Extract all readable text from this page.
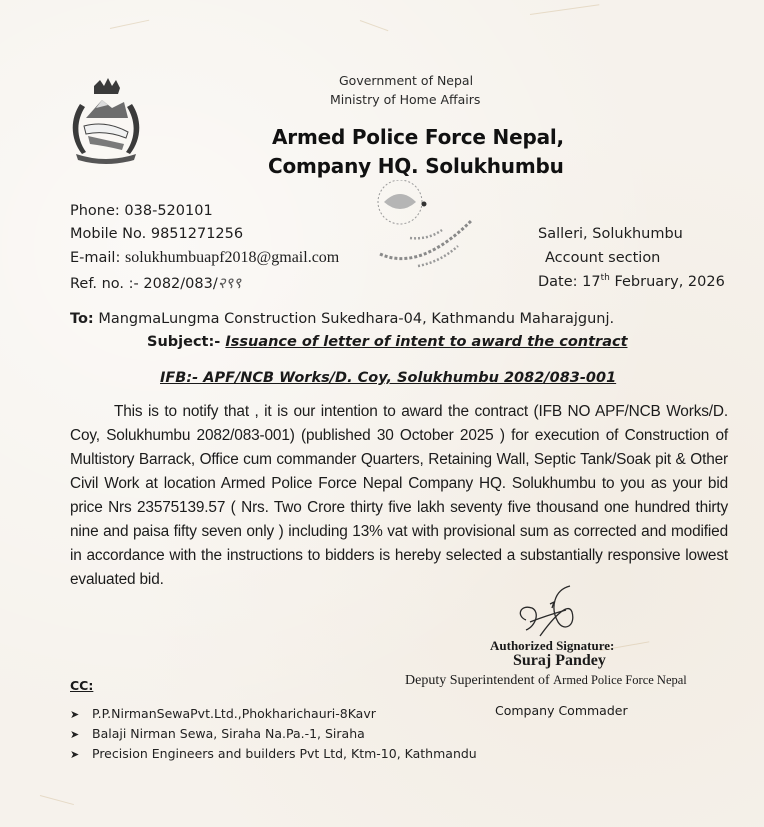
Government of Nepal
Ministry of Home Affairs
Armed Police Force Nepal,
Company HQ. Solukhumbu
Phone: 038-520101
Mobile No. 9851271256
E-mail: solukhumbuapf2018@gmail.com
Ref. no. :- 2082/083/२९९
Salleri, Solukhumbu
Account section
Date: 17th February, 2026
To: MangmaLungma Construction Sukedhara-04, Kathmandu Maharajgunj.
Subject:- Issuance of letter of intent to award the contract
IFB:- APF/NCB Works/D. Coy, Solukhumbu 2082/083-001
This is to notify that , it is our intention to award the contract (IFB NO APF/NCB Works/D. Coy, Solukhumbu 2082/083-001) (published 30 October 2025 ) for execution of Construction of Multistory Barrack, Office cum commander Quarters, Retaining Wall, Septic Tank/Soak pit & Other Civil Work at location Armed Police Force Nepal Company HQ. Solukhumbu to you as your bid price Nrs 23575139.57 ( Nrs. Two Crore thirty five lakh seventy five thousand one hundred thirty nine and paisa fifty seven only ) including 13% vat with provisional sum as corrected and modified in accordance with the instructions to bidders is hereby selected a substantially responsive lowest evaluated bid.
Authorized Signature:
Suraj Pandey
Deputy Superintendent of Armed Police Force Nepal
Company Commader
CC:
➤ P.P.NirmanSewaPvt.Ltd.,Phokharichauri-8Kavr
➤ Balaji Nirman Sewa, Siraha Na.Pa.-1, Siraha
➤ Precision Engineers and builders Pvt Ltd, Ktm-10, Kathmandu
